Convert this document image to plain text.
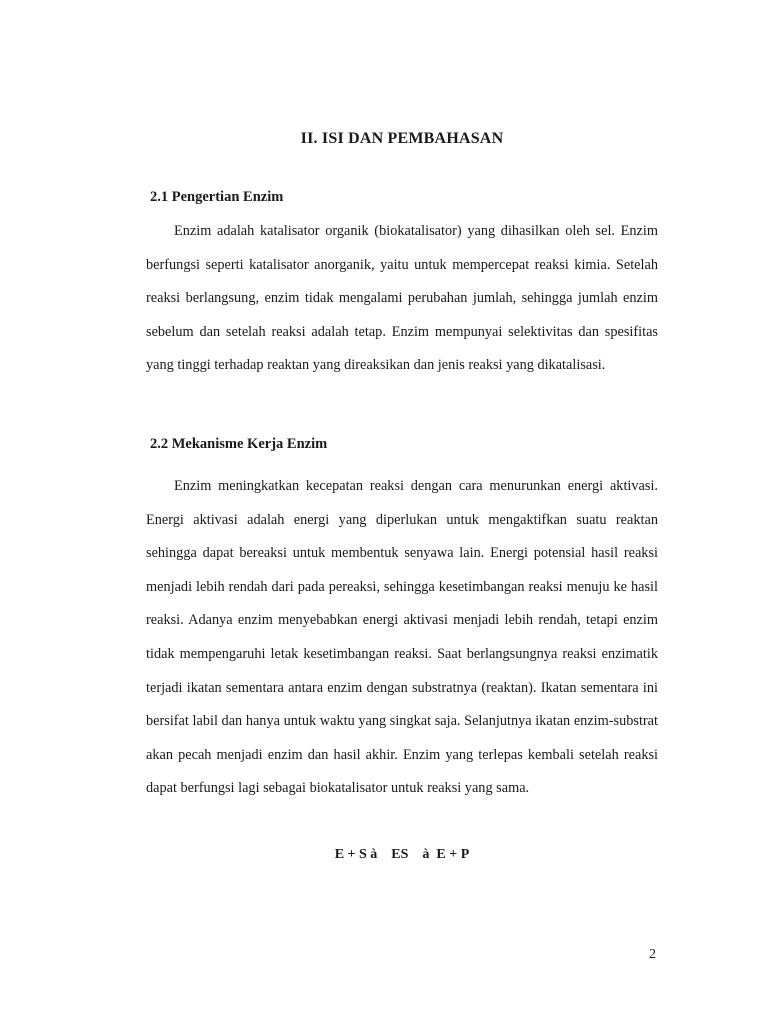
II. ISI DAN PEMBAHASAN
2.1 Pengertian Enzim

Enzim adalah katalisator organik (biokatalisator) yang dihasilkan oleh sel. Enzim berfungsi seperti katalisator anorganik, yaitu untuk mempercepat reaksi kimia. Setelah reaksi berlangsung, enzim tidak mengalami perubahan jumlah, sehingga jumlah enzim sebelum dan setelah reaksi adalah tetap. Enzim mempunyai selektivitas dan spesifitas yang tinggi terhadap reaktan yang direaksikan dan jenis reaksi yang dikatalisasi.

2.2 Mekanisme Kerja Enzim

Enzim meningkatkan kecepatan reaksi dengan cara menurunkan energi aktivasi. Energi aktivasi adalah energi yang diperlukan untuk mengaktifkan suatu reaktan sehingga dapat bereaksi untuk membentuk senyawa lain. Energi potensial hasil reaksi menjadi lebih rendah dari pada pereaksi, sehingga kesetimbangan reaksi menuju ke hasil reaksi. Adanya enzim menyebabkan energi aktivasi menjadi lebih rendah, tetapi enzim tidak mempengaruhi letak kesetimbangan reaksi. Saat berlangsungnya reaksi enzimatik terjadi ikatan sementara antara enzim dengan substratnya (reaktan). Ikatan sementara ini bersifat labil dan hanya untuk waktu yang singkat saja. Selanjutnya ikatan enzim-substrat akan pecah menjadi enzim dan hasil akhir. Enzim yang terlepas kembali setelah reaksi dapat berfungsi lagi sebagai biokatalisator untuk reaksi yang sama.

E + S à    ES    à  E + P
2
